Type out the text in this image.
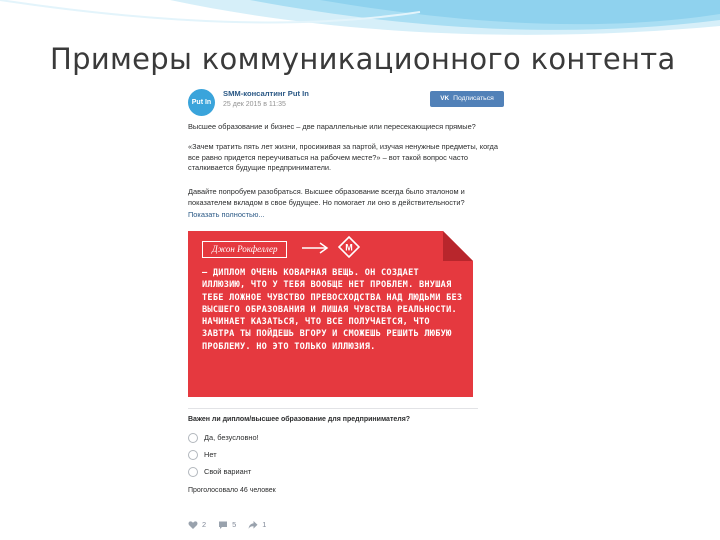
Примеры коммуникационного контента
Put In
SMM-консалтинг Put In
25 дек 2015 в 11:35
VK Подписаться
Высшее образование и бизнес – две параллельные или пересекающиеся прямые?
«Зачем тратить пять лет жизни, просиживая за партой, изучая ненужные предметы, когда все равно придется переучиваться на рабочем месте?» – вот такой вопрос часто сталкивается будущие предприниматели.
Давайте попробуем разобраться. Высшее образование всегда было эталоном и показателем вкладом в свое будущее. Но помогает ли оно в действительности?
Показать полностью...
Джон Рокфеллер	М
– ДИПЛОМ ОЧЕНЬ КОВАРНАЯ ВЕЩЬ. ОН СОЗДАЕТ ИЛЛЮЗИЮ, ЧТО У ТЕБЯ ВООБЩЕ НЕТ ПРОБЛЕМ. ВНУШАЯ ТЕБЕ ЛОЖНОЕ ЧУВСТВО ПРЕВОСХОДСТВА НАД ЛЮДЬМИ БЕЗ ВЫСШЕГО ОБРАЗОВАНИЯ И ЛИШАЯ ЧУВСТВА РЕАЛЬНОСТИ. НАЧИНАЕТ КАЗАТЬСЯ, ЧТО ВСЕ ПОЛУЧАЕТСЯ, ЧТО ЗАВТРА ТЫ ПОЙДЕШЬ ВГОРУ И СМОЖЕШЬ РЕШИТЬ ЛЮБУЮ ПРОБЛЕМУ. НО ЭТО ТОЛЬКО ИЛЛЮЗИЯ.
Важен ли диплом/высшее образование для предпринимателя?
Да, безусловно!
Нет
Свой вариант
Проголосовало 46 человек
2	5	1
